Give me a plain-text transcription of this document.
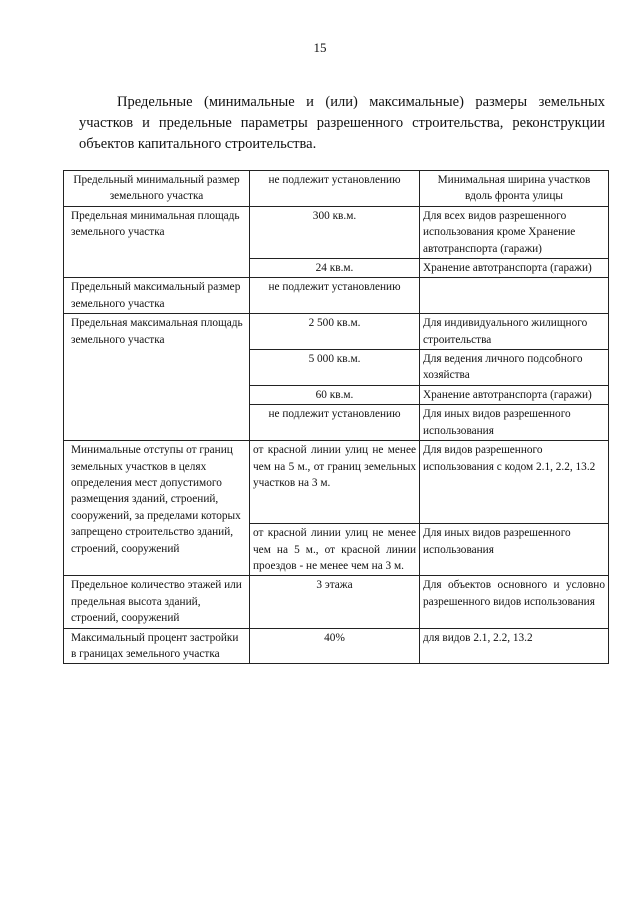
15
Предельные (минимальные и (или) максимальные) размеры земельных
участков и предельные параметры разрешенного строительства, реконструкции
объектов капитального строительства.
Предельный минимальный размер земельного участка	не подлежит установлению	Минимальная ширина участков вдоль фронта улицы
Предельная минимальная площадь земельного участка	300 кв.м.	Для всех видов разрешенного использования кроме Хранение автотранспорта (гаражи)
	24 кв.м.	Хранение автотранспорта (гаражи)
Предельный максимальный размер земельного участка	не подлежит установлению	
Предельная максимальная площадь земельного участка	2 500 кв.м.	Для индивидуального жилищного строительства
	5 000 кв.м.	Для ведения личного подсобного хозяйства
	60 кв.м.	Хранение автотранспорта (гаражи)
	не подлежит установлению	Для иных видов разрешенного использования

Минимальные отступы от границ земельных участков в целях определения мест допустимого размещения зданий, строений,
сооружений, за пределами которых запрещено строительство зданий, строений, сооружений	от красной линии улиц не менее чем на 5 м., от границ земельных участков на 3 м.	Для видов разрешенного использования с кодом 2.1, 2.2, 13.2
	от красной линии улиц не менее чем на 5 м., от красной линии проездов - не менее чем на 3 м.	Для иных видов разрешенного использования
Предельное количество этажей или предельная высота зданий, строений, сооружений	3 этажа	Для объектов основного и условно разрешенного видов использования
Максимальный процент застройки в границах земельного участка	40%	для видов 2.1, 2.2, 13.2
